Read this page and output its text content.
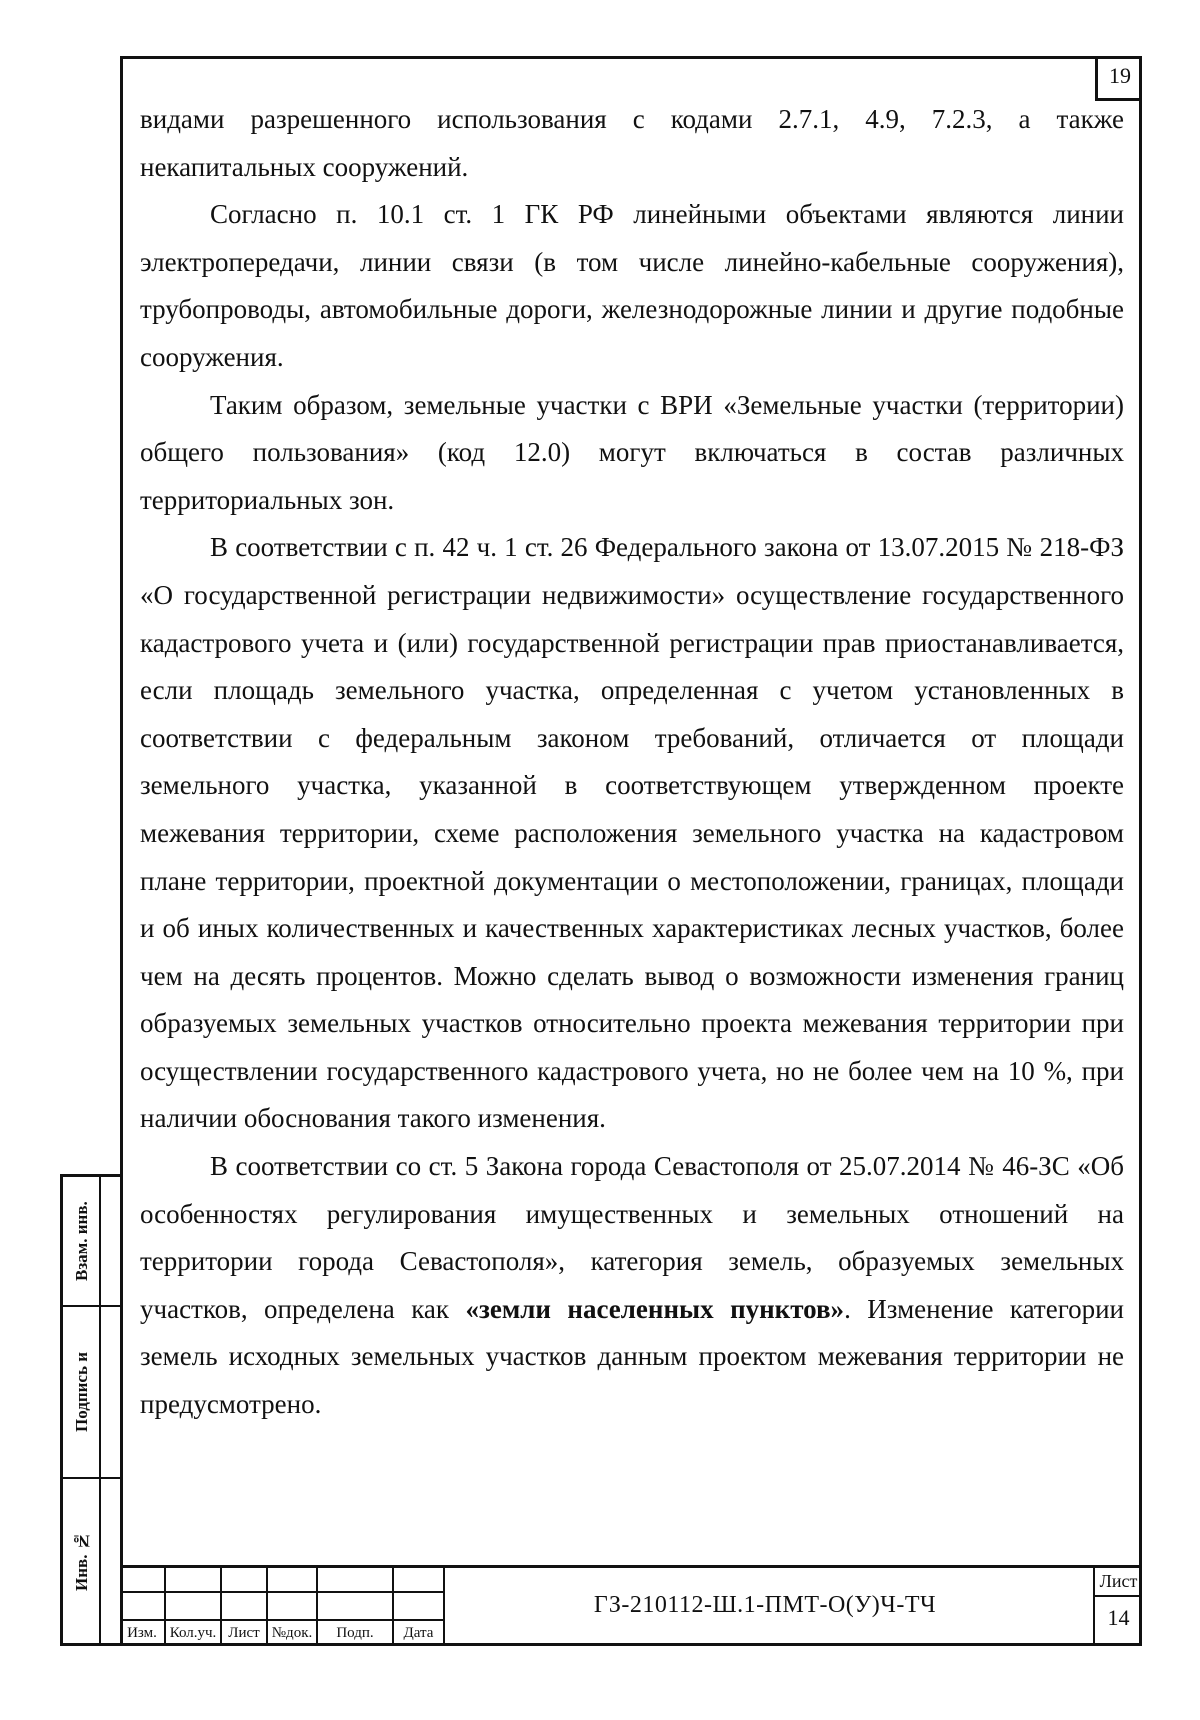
19

видами разрешенного использования с кодами 2.7.1, 4.9, 7.2.3, а также некапитальных сооружений.

Согласно п. 10.1 ст. 1 ГК РФ линейными объектами являются линии электропередачи, линии связи (в том числе линейно-кабельные сооружения), трубопроводы, автомобильные дороги, железнодорожные линии и другие подобные сооружения.

Таким образом, земельные участки с ВРИ «Земельные участки (территории) общего пользования» (код 12.0) могут включаться в состав различных территориальных зон.

В соответствии с п. 42 ч. 1 ст. 26 Федерального закона от 13.07.2015 № 218-ФЗ «О государственной регистрации недвижимости» осуществление государственного кадастрового учета и (или) государственной регистрации прав приостанавливается, если площадь земельного участка, определенная с учетом установленных в соответствии с федеральным законом требований, отличается от площади земельного участка, указанной в соответствующем утвержденном проекте межевания территории, схеме расположения земельного участка на кадастровом плане территории, проектной документации о местоположении, границах, площади и об иных количественных и качественных характеристиках лесных участков, более чем на десять процентов. Можно сделать вывод о возможности изменения границ образуемых земельных участков относительно проекта межевания территории при осуществлении государственного кадастрового учета, но не более чем на 10 %, при наличии обоснования такого изменения.

В соответствии со ст. 5 Закона города Севастополя от 25.07.2014 № 46-ЗС «Об особенностях регулирования имущественных и земельных отношений на территории города Севастополя», категория земель, образуемых земельных участков, определена как «земли населенных пунктов». Изменение категории земель исходных земельных участков данным проектом межевания территории не предусмотрено.

Взам. инв.
Подпись и
Инв. №
Изм. Кол.уч. Лист №док.	Подп.	Дата
ГЗ-210112-Ш.1-ПМТ-О(У)Ч-ТЧ
Лист
14
